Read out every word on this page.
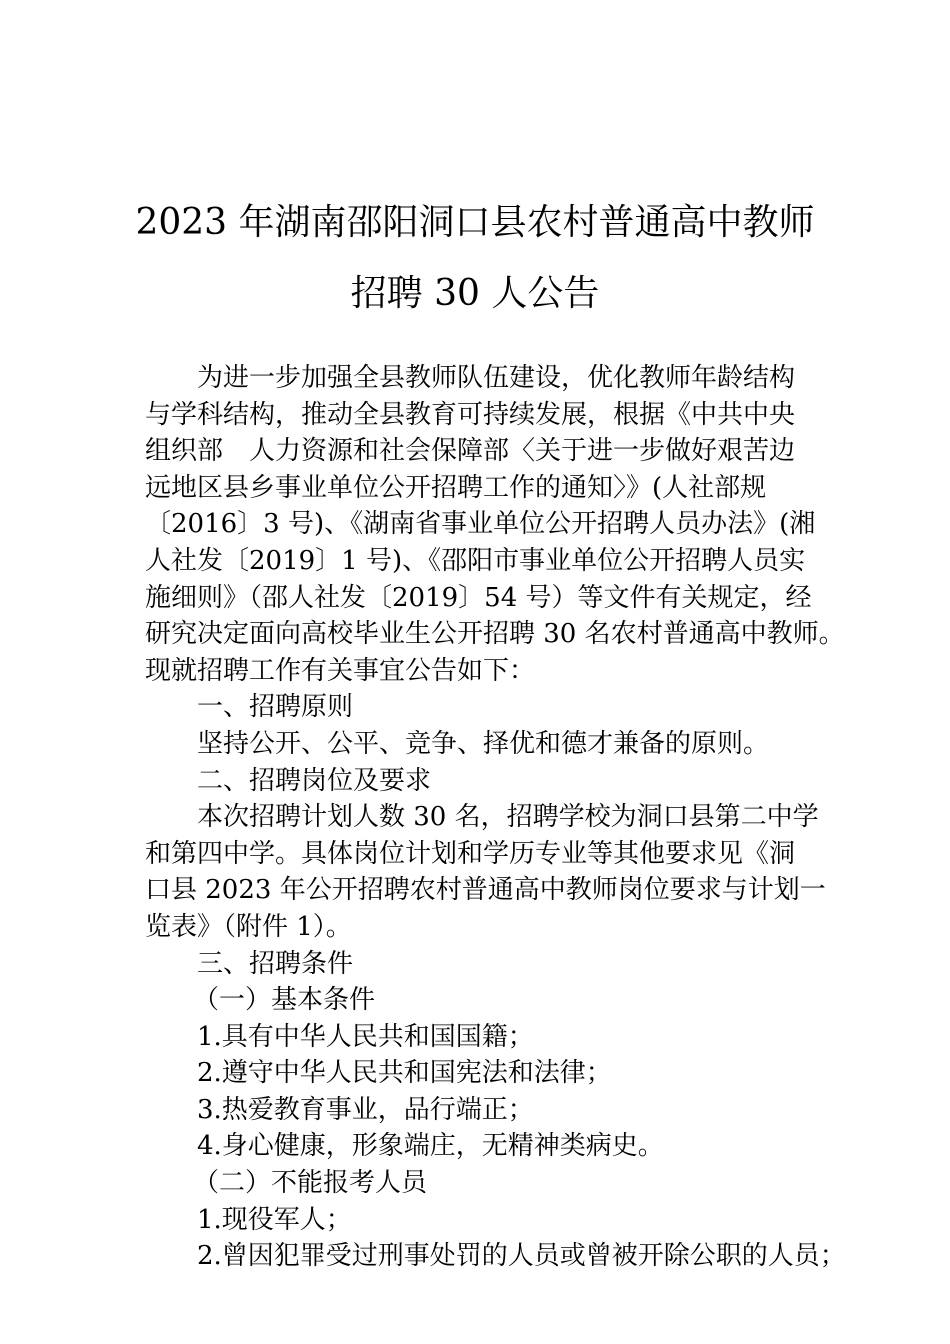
2023 年湖南邵阳洞口县农村普通高中教师
招聘 30 人公告
为进一步加强全县教师队伍建设，优化教师年龄结构
与学科结构，推动全县教育可持续发展，根据《中共中央
组织部　人力资源和社会保障部〈关于进一步做好艰苦边
远地区县乡事业单位公开招聘工作的通知〉》(人社部规
〔2016〕3 号)、《湖南省事业单位公开招聘人员办法》(湘
人社发〔2019〕1 号)、《邵阳市事业单位公开招聘人员实
施细则》（邵人社发〔2019〕54 号）等文件有关规定，经
研究决定面向高校毕业生公开招聘 30 名农村普通高中教师。
现就招聘工作有关事宜公告如下：
一、招聘原则
坚持公开、公平、竞争、择优和德才兼备的原则。
二、招聘岗位及要求
本次招聘计划人数 30 名，招聘学校为洞口县第二中学
和第四中学。具体岗位计划和学历专业等其他要求见《洞
口县 2023 年公开招聘农村普通高中教师岗位要求与计划一
览表》（附件 1）。
三、招聘条件
（一）基本条件
1.具有中华人民共和国国籍；
2.遵守中华人民共和国宪法和法律；
3.热爱教育事业，品行端正；
4.身心健康，形象端庄，无精神类病史。
（二）不能报考人员
1.现役军人；
2.曾因犯罪受过刑事处罚的人员或曾被开除公职的人员；
